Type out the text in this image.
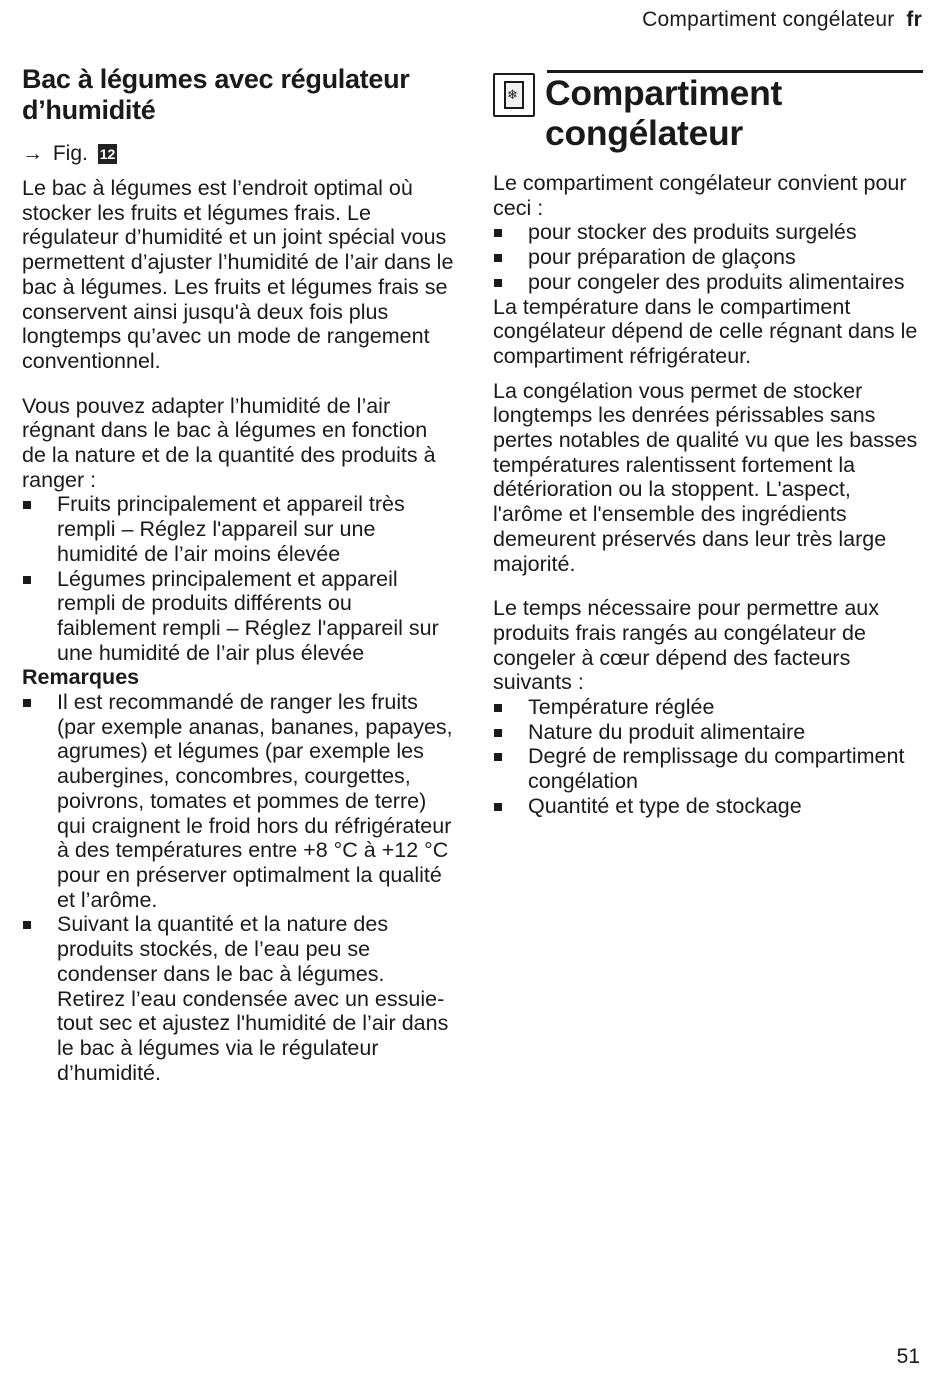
Compartiment congélateur fr
Bac à légumes avec régulateur d’humidité
→ Fig. 12

Le bac à légumes est l’endroit optimal où stocker les fruits et légumes frais. Le régulateur d’humidité et un joint spécial vous permettent d’ajuster l’humidité de l’air dans le bac à légumes. Les fruits et légumes frais se conservent ainsi jusqu'à deux fois plus longtemps qu’avec un mode de rangement conventionnel.

Vous pouvez adapter l’humidité de l’air régnant dans le bac à légumes en fonction de la nature et de la quantité des produits à ranger :

Fruits principalement et appareil très rempli – Réglez l'appareil sur une humidité de l’air moins élevée
Légumes principalement et appareil rempli de produits différents ou faiblement rempli – Réglez l'appareil sur une humidité de l’air plus élevée
Remarques
Il est recommandé de ranger les fruits (par exemple ananas, bananes, papayes, agrumes) et légumes (par exemple les aubergines, concombres, courgettes, poivrons, tomates et pommes de terre) qui craignent le froid hors du réfrigérateur à des températures entre +8 °C à +12 °C pour en préserver optimalment la qualité et l’arôme.
Suivant la quantité et la nature des produits stockés, de l’eau peu se condenser dans le bac à légumes. Retirez l’eau condensée avec un essuie-tout sec et ajustez l'humidité de l’air dans le bac à légumes via le régulateur d’humidité.
❄ Compartiment
congélateur

Le compartiment congélateur convient pour ceci :

pour stocker des produits surgelés
pour préparation de glaçons
pour congeler des produits alimentaires

La température dans le compartiment congélateur dépend de celle régnant dans le compartiment réfrigérateur.

La congélation vous permet de stocker longtemps les denrées périssables sans pertes notables de qualité vu que les basses températures ralentissent fortement la détérioration ou la stoppent. L'aspect, l'arôme et l'ensemble des ingrédients demeurent préservés dans leur très large majorité.

Le temps nécessaire pour permettre aux produits frais rangés au congélateur de congeler à cœur dépend des facteurs suivants :

Température réglée
Nature du produit alimentaire
Degré de remplissage du compartiment congélation
Quantité et type de stockage
51
